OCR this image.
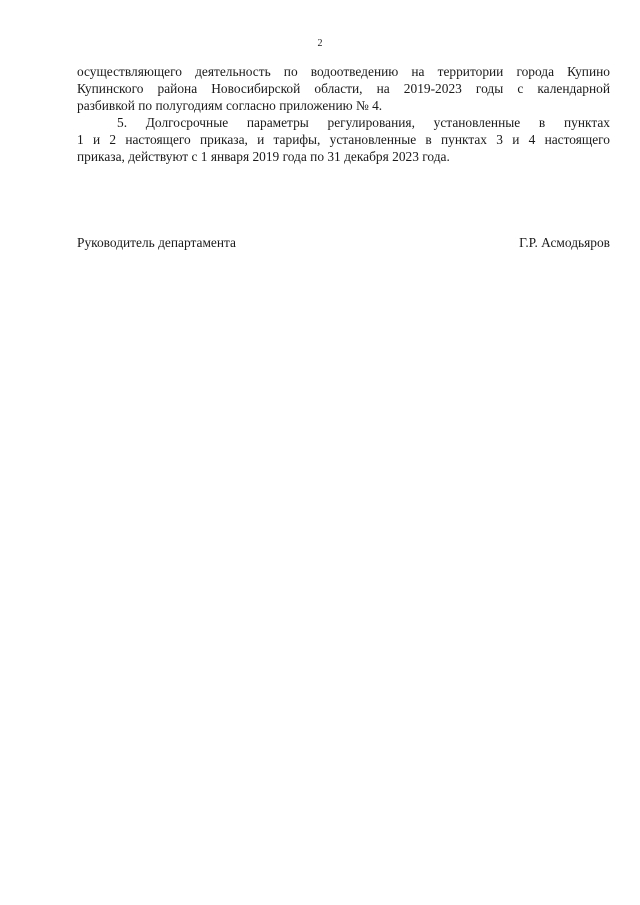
2
осуществляющего деятельность по водоотведению на территории города Купино
Купинского района Новосибирской области, на 2019-2023 годы с календарной
разбивкой по полугодиям согласно приложению № 4.
5. Долгосрочные параметры регулирования, установленные в пунктах
1 и 2 настоящего приказа, и тарифы, установленные в пунктах 3 и 4 настоящего
приказа, действуют с 1 января 2019 года по 31 декабря 2023 года.
Руководитель департамента	Г.Р. Асмодьяров
